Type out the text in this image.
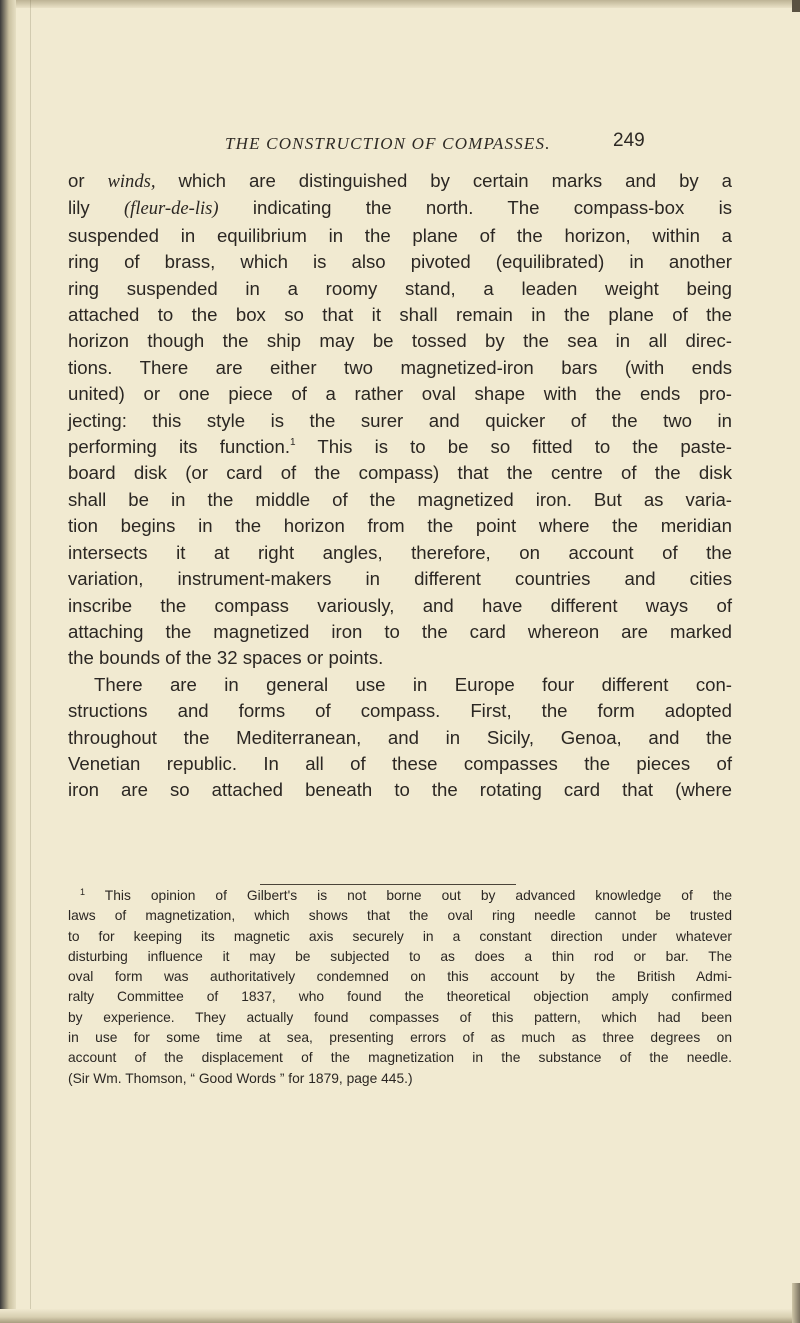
THE CONSTRUCTION OF COMPASSES.	249
or winds, which are distinguished by certain marks and by a
lily (fleur-de-lis) indicating the north. The compass-box is
suspended in equilibrium in the plane of the horizon, within a
ring of brass, which is also pivoted (equilibrated) in another
ring suspended in a roomy stand, a leaden weight being
attached to the box so that it shall remain in the plane of the
horizon though the ship may be tossed by the sea in all direc-
tions. There are either two magnetized-iron bars (with ends
united) or one piece of a rather oval shape with the ends pro-
jecting: this style is the surer and quicker of the two in
performing its function.$^1$ This is to be so fitted to the paste-
board disk (or card of the compass) that the centre of the disk
shall be in the middle of the magnetized iron. But as varia-
tion begins in the horizon from the point where the meridian
intersects it at right angles, therefore, on account of the
variation, instrument-makers in different countries and cities
inscribe the compass variously, and have different ways of
attaching the magnetized iron to the card whereon are marked
the bounds of the 32 spaces or points.
There are in general use in Europe four different con-
structions and forms of compass. First, the form adopted
throughout the Mediterranean, and in Sicily, Genoa, and the
Venetian republic. In all of these compasses the pieces of
iron are so attached beneath to the rotating card that (where
$^1$ This opinion of Gilbert's is not borne out by advanced knowledge of the
laws of magnetization, which shows that the oval ring needle cannot be trusted
to for keeping its magnetic axis securely in a constant direction under whatever
disturbing influence it may be subjected to as does a thin rod or bar. The
oval form was authoritatively condemned on this account by the British Admi-
ralty Committee of 1837, who found the theoretical objection amply confirmed
by experience. They actually found compasses of this pattern, which had been
in use for some time at sea, presenting errors of as much as three degrees on
account of the displacement of the magnetization in the substance of the needle.
(Sir Wm. Thomson, “ Good Words ” for 1879, page 445.)
